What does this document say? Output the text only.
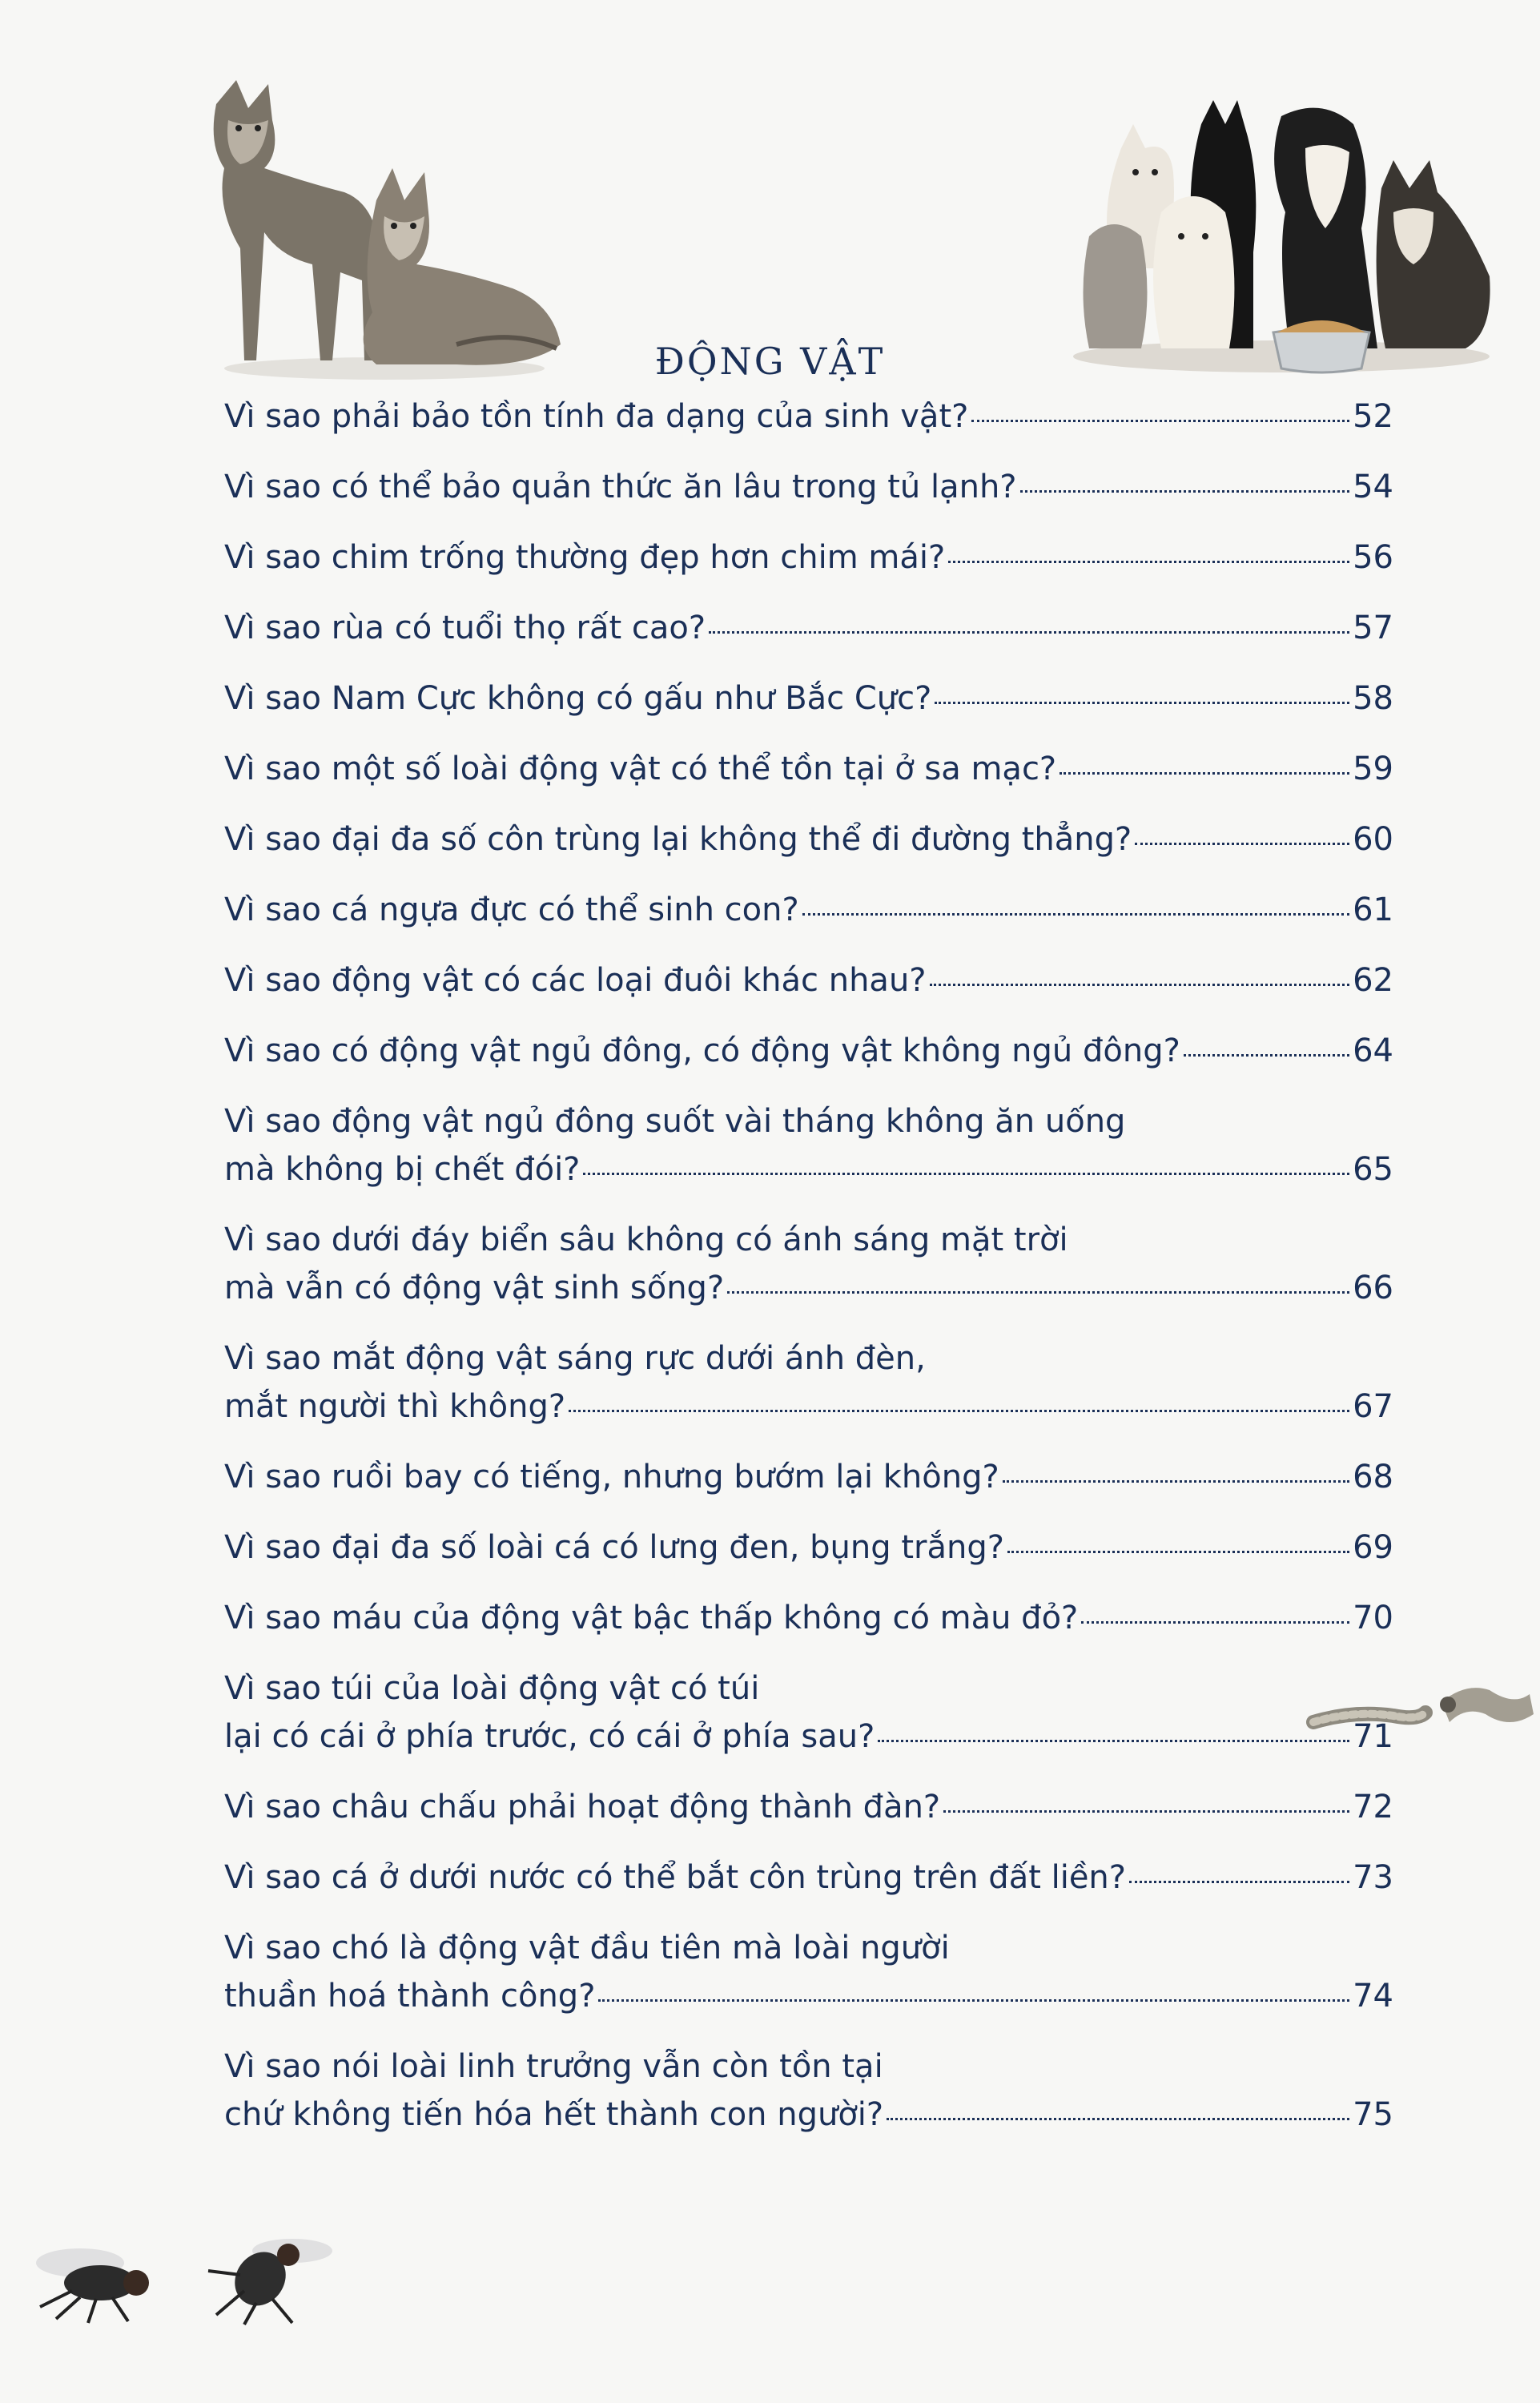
ĐỘNG VẬT
Vì sao phải bảo tồn tính đa dạng của sinh vật?	52
Vì sao có thể bảo quản thức ăn lâu trong tủ lạnh?	54
Vì sao chim trống thường đẹp hơn chim mái?	56
Vì sao rùa có tuổi thọ rất cao?	57
Vì sao Nam Cực không có gấu như Bắc Cực?	58
Vì sao một số loài động vật có thể tồn tại ở sa mạc?	59
Vì sao đại đa số côn trùng lại không thể đi đường thẳng?	60
Vì sao cá ngựa đực có thể sinh con?	61
Vì sao động vật có các loại đuôi khác nhau?	62
Vì sao có động vật ngủ đông, có động vật không ngủ đông?	64
Vì sao động vật ngủ đông suốt vài tháng không ăn uống
mà không bị chết đói?	65
Vì sao dưới đáy biển sâu không có ánh sáng mặt trời
mà vẫn có động vật sinh sống?	66
Vì sao mắt động vật sáng rực dưới ánh đèn,
mắt người thì không?	67
Vì sao ruồi bay có tiếng, nhưng bướm lại không?	68
Vì sao đại đa số loài cá có lưng đen, bụng trắng?	69
Vì sao máu của động vật bậc thấp không có màu đỏ?	70
Vì sao túi của loài động vật có túi
lại có cái ở phía trước, có cái ở phía sau?	71
Vì sao châu chấu phải hoạt động thành đàn?	72
Vì sao cá ở dưới nước có thể bắt côn trùng trên đất liền?	73
Vì sao chó là động vật đầu tiên mà loài người
thuần hoá thành công?	74
Vì sao nói loài linh trưởng vẫn còn tồn tại
chứ không tiến hóa hết thành con người?	75
